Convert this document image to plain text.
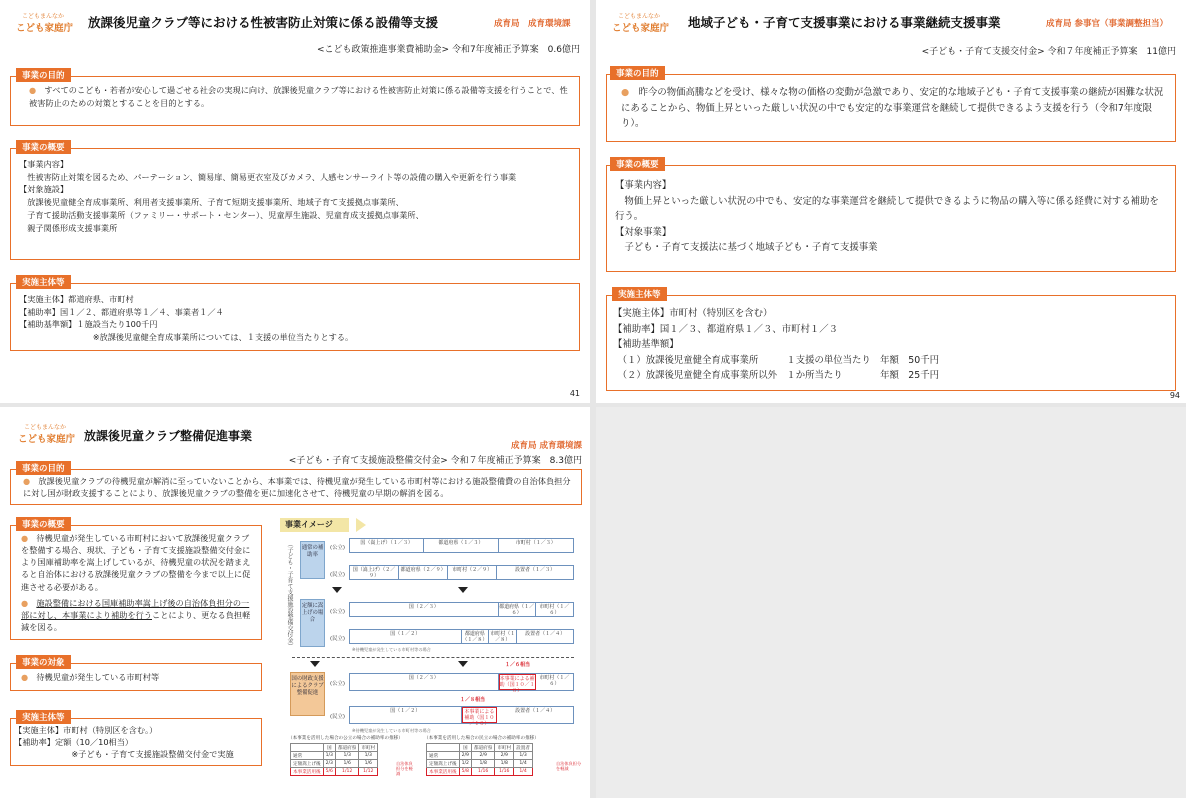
こどもまんなか
こども家庭庁 放課後児童クラブ等における性被害防止対策に係る設備等支援	成育局　成育環境課
<こども政策推進事業費補助金> 令和7年度補正予算案　0.6億円
事業の目的

●　 すべてのこども・若者が安心して過ごせる社会の実現に向け、放課後児童クラブ等における性被害防止対策に係る設備等支援を行うことで、性被害防止のための対策とすることを目的とする。

事業の概要

【事業内容】

　性被害防止対策を図るため、パーテーション、簡易扉、簡易更衣室及びカメラ、人感センサーライト等の設備の購入や更新を行う事業

【対象施設】

　放課後児童健全育成事業所、利用者支援事業所、子育て短期支援事業所、地域子育て支援拠点事業所、

　子育て援助活動支援事業所（ファミリー・サポート・センター）、児童厚生施設、児童育成支援拠点事業所、

　親子関係形成支援事業所

実施主体等

【実施主体】都道府県、市町村

【補助率】国１／２、都道府県等１／４、事業者１／４

【補助基準額】１施設当たり100千円

　　　　　　　　　※放課後児童健全育成事業所については、１支援の単位当たりとする。

41
こどもまんなか
こども家庭庁 地域子ども・子育て支援事業における事業継続支援事業	成育局 参事官（事業調整担当）
<子ども・子育て支援交付金> 令和７年度補正予算案　11億円
事業の目的

●　 昨今の物価高騰などを受け、様々な物の価格の変動が急激であり、安定的な地域子ども・子育て支援事業の継続が困難な状況にあることから、物価上昇といった厳しい状況の中でも安定的な事業運営を継続して提供できるよう支援を行う（令和7年度限り）。

事業の概要

【事業内容】

　物価上昇といった厳しい状況の中でも、安定的な事業運営を継続して提供できるように物品の購入等に係る経費に対する補助を行う。

【対象事業】

　子ども・子育て支援法に基づく地域子ども・子育て支援事業

実施主体等

【実施主体】市町村（特別区を含む）

【補助率】国１／３、都道府県１／３、市町村１／３

【補助基準額】

　（１）放課後児童健全育成事業所　　　１支援の単位当たり　年額　50千円

　（２）放課後児童健全育成事業所以外　１か所当たり　　　　年額　25千円

94
こどもまんなか
こども家庭庁 放課後児童クラブ整備促進事業
成育局 成育環境課
<子ども・子育て支援施設整備交付金> 令和７年度補正予算案　8.3億円
事業の目的

●　 放課後児童クラブの待機児童が解消に至っていないことから、本事業では、待機児童が発生している市町村等における施設整備費の自治体負担分に対し国が財政支援することにより、放課後児童クラブの整備を更に加速化させて、待機児童の早期の解消を図る。

事業の概要

●　 待機児童が発生している市町村において放課後児童クラブを整備する場合、現状、子ども・子育て支援施設整備交付金により国庫補助率を嵩上げしているが、待機児童の状況を踏まえると自治体における放課後児童クラブの整備を今まで以上に促進させる必要がある。

●　 施設整備における国庫補助率嵩上げ後の自治体負担分の一部に対し、本事業により補助を行うことにより、更なる負担軽減を図る。

事業の対象

●　 待機児童が発生している市町村等

実施主体等

【実施主体】市町村（特別区を含む。）

【補助率】定額（10／10相当）

　　　　　　　※子ども・子育て支援施設整備交付金で実施

事業イメージ
（子ども・子育て支援施設整備交付金）	通常の補助率
(公立)
国（嵩上げ）（１／３）	都道府県（１／３）	市町村（１／３）
(民立)
国（嵩上げ）（２／９）
都道府県（２／９）	市町村（２／９）	設置者（１／３）
定額に嵩上げの場合
(公立)
国（２／３）	都道府県（１／６）
市町村（１／６）
(民立)
国（１／２）	都道府県（１／８）
市町村（１／８）
設置者（１／４）
※待機児童が発生している市町村等の場合
国の財政支援によるクラブ整備促進
１／６相当
(公立)
国（２／３）	本事業による補助（国１０／１０）
市町村（１／６）
１／８相当
(民立)
国（１／２）	本事業による補助（国１０／１０）
設置者（１／４）
※待機児童が発生している市町村等の場合
（本事業を活用した場合の公立の場合の補助率の推移）
	国	都道府県	市町村
通常	1/3	1/3	1/3
定額嵩上げ後	2/3	1/6	1/6
本事業活用後	5/6	1/12	1/12
自治体負担分を軽減
（本事業を活用した場合の民立の場合の補助率の推移）
	国	都道府県	市町村	設置者
通常	2/9	2/9	2/9	1/3
定額嵩上げ後	1/2	1/8	1/8	1/4
本事業活用後	5/8	1/16	1/16	1/4
自治体負担分を軽減
